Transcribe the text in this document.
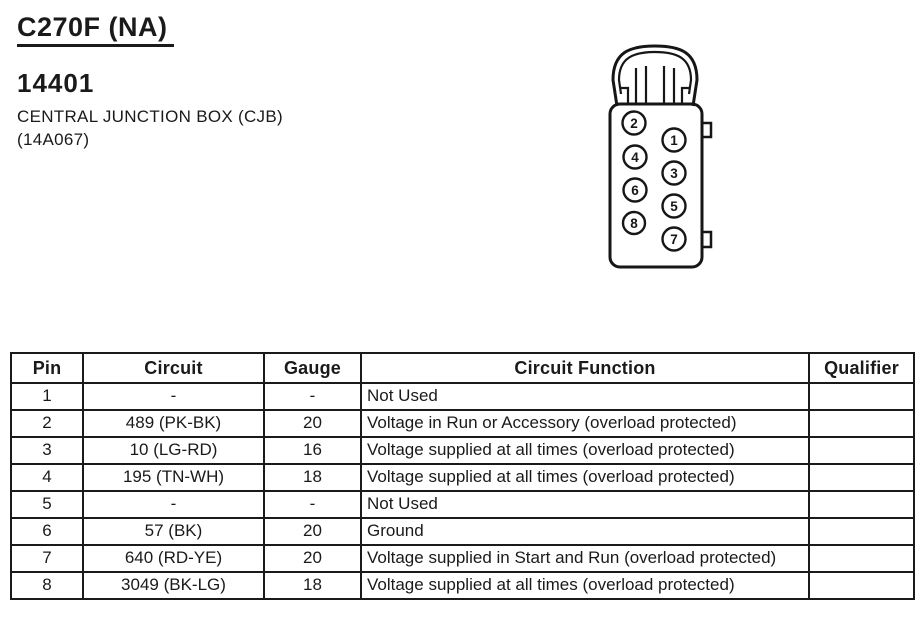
C270F (NA)
14401
CENTRAL JUNCTION BOX (CJB)
(14A067)
2
1
4
3
6
5
8
7
Pin	Circuit	Gauge	Circuit Function	Qualifier
1	-	-	Not Used	
2	489 (PK-BK)	20	Voltage in Run or Accessory (overload protected)	
3	10 (LG-RD)	16	Voltage supplied at all times (overload protected)	
4	195 (TN-WH)	18	Voltage supplied at all times (overload protected)	
5	-	-	Not Used	
6	57 (BK)	20	Ground	
7	640 (RD-YE)	20	Voltage supplied in Start and Run (overload protected)	
8	3049 (BK-LG)	18	Voltage supplied at all times (overload protected)	
